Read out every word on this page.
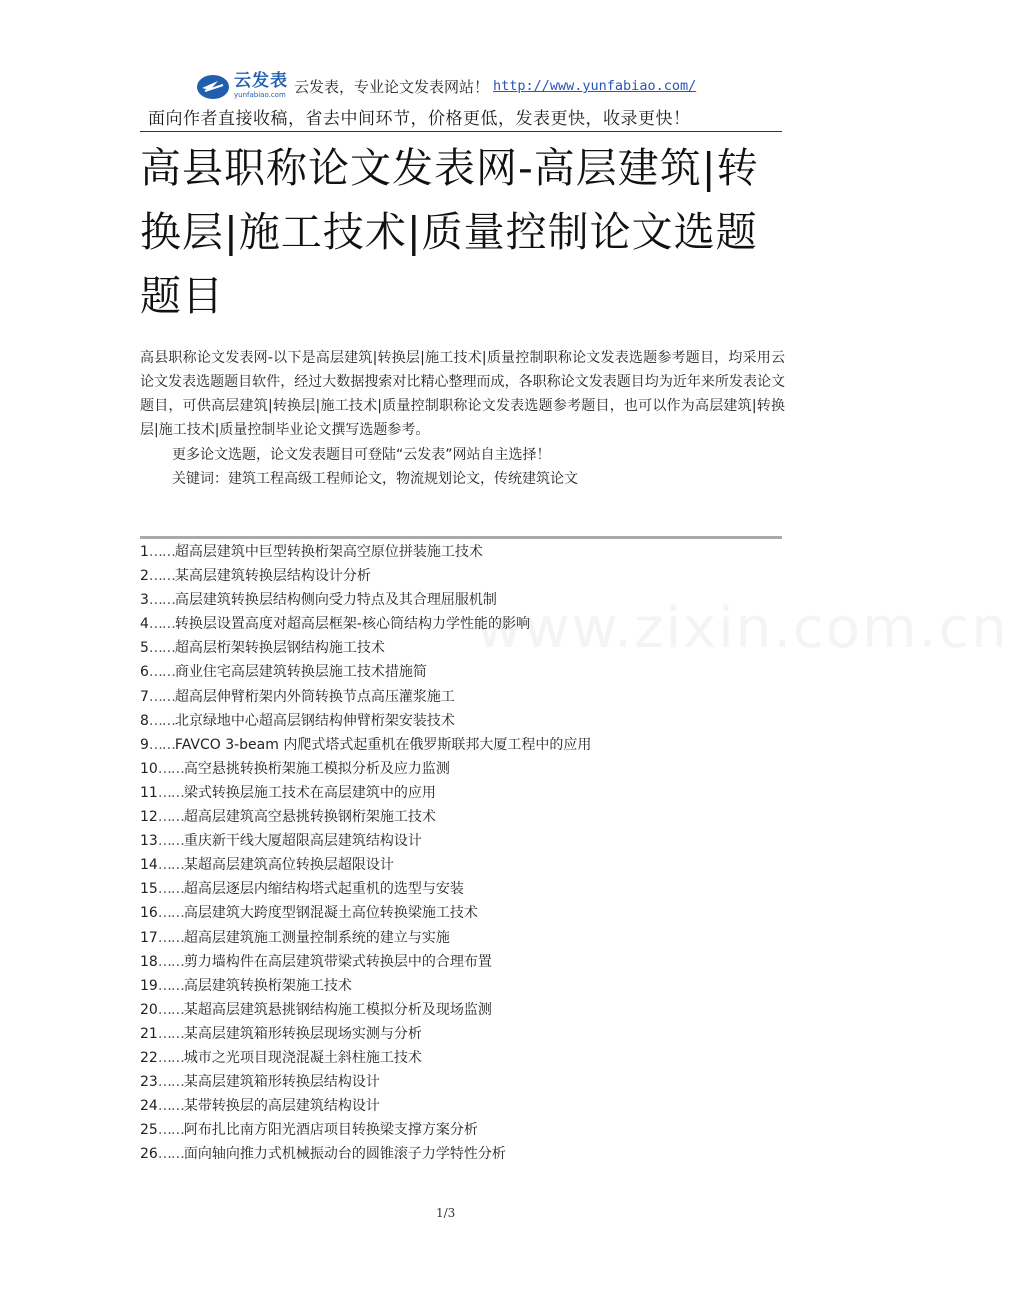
云发表
yunfabiao.com 云发表，专业论文发表网站！ http://www.yunfabiao.com/
面向作者直接收稿，省去中间环节，价格更低，发表更快，收录更快！
高县职称论文发表网-高层建筑|转换层|施工技术|质量控制论文选题题目

高县职称论文发表网-以下是高层建筑|转换层|施工技术|质量控制职称论文发表选题参考题目，均采用云论文发表选题题目软件，经过大数据搜索对比精心整理而成，各职称论文发表题目均为近年来所发表论文题目，可供高层建筑|转换层|施工技术|质量控制职称论文发表选题参考题目，也可以作为高层建筑|转换层|施工技术|质量控制毕业论文撰写选题参考。

更多论文选题，论文发表题目可登陆“云发表”网站自主选择！
关键词：建筑工程高级工程师论文，物流规划论文，传统建筑论文
1……超高层建筑中巨型转换桁架高空原位拼装施工技术
2……某高层建筑转换层结构设计分析
3……高层建筑转换层结构侧向受力特点及其合理屈服机制
4……转换层设置高度对超高层框架-核心筒结构力学性能的影响
5……超高层桁架转换层钢结构施工技术
6……商业住宅高层建筑转换层施工技术措施简
7……超高层伸臂桁架内外筒转换节点高压灌浆施工
8……北京绿地中心超高层钢结构伸臂桁架安装技术
9……FAVCO 3-beam 内爬式塔式起重机在俄罗斯联邦大厦工程中的应用
10……高空悬挑转换桁架施工模拟分析及应力监测
11……梁式转换层施工技术在高层建筑中的应用
12……超高层建筑高空悬挑转换钢桁架施工技术
13……重庆新干线大厦超限高层建筑结构设计
14……某超高层建筑高位转换层超限设计
15……超高层逐层内缩结构塔式起重机的选型与安装
16……高层建筑大跨度型钢混凝土高位转换梁施工技术
17……超高层建筑施工测量控制系统的建立与实施
18……剪力墙构件在高层建筑带梁式转换层中的合理布置
19……高层建筑转换桁架施工技术
20……某超高层建筑悬挑钢结构施工模拟分析及现场监测
21……某高层建筑箱形转换层现场实测与分析
22……城市之光项目现浇混凝土斜柱施工技术
23……某高层建筑箱形转换层结构设计
24……某带转换层的高层建筑结构设计
25……阿布扎比南方阳光酒店项目转换梁支撑方案分析
26……面向轴向推力式机械振动台的圆锥滚子力学特性分析
1/3
www.zixin.com.cn
